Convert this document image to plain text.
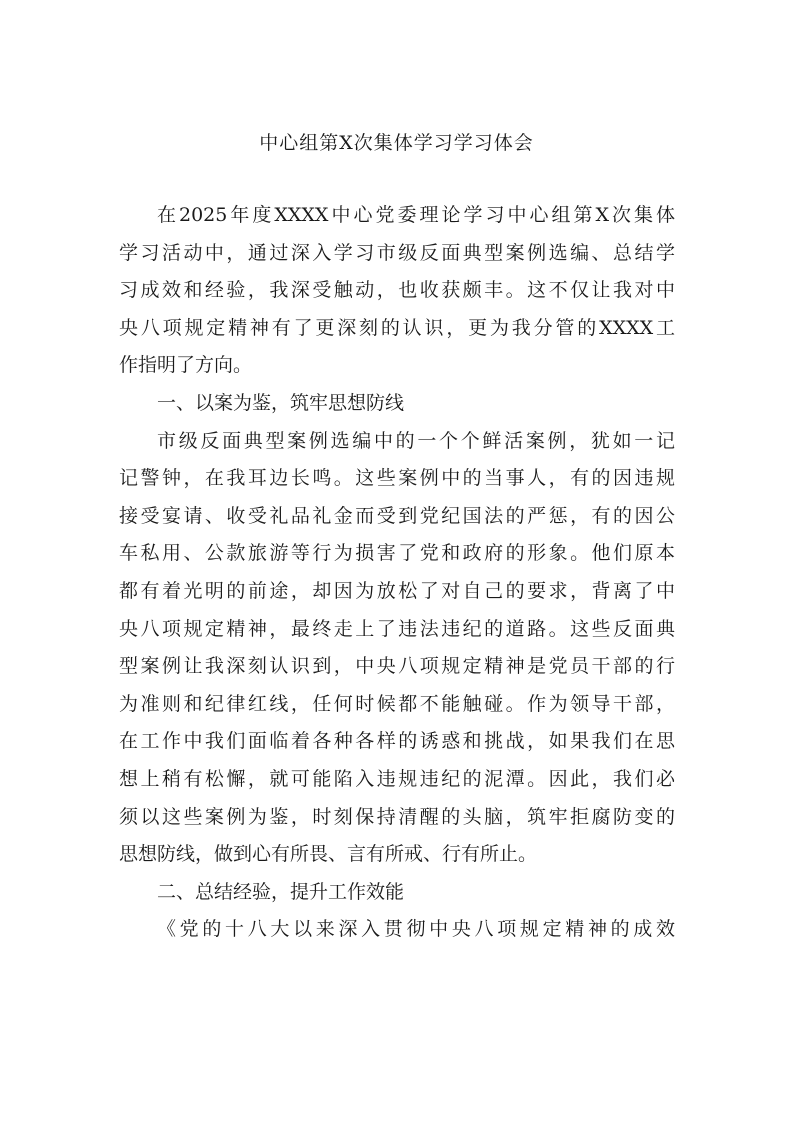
中心组第X次集体学习学习体会
在2025年度XXXX中心党委理论学习中心组第X次集体
学习活动中，通过深入学习市级反面典型案例选编、总结学
习成效和经验，我深受触动，也收获颇丰。这不仅让我对中
央八项规定精神有了更深刻的认识，更为我分管的XXXX工
作指明了方向。
一、以案为鉴，筑牢思想防线
市级反面典型案例选编中的一个个鲜活案例，犹如一记
记警钟，在我耳边长鸣。这些案例中的当事人，有的因违规
接受宴请、收受礼品礼金而受到党纪国法的严惩，有的因公
车私用、公款旅游等行为损害了党和政府的形象。他们原本
都有着光明的前途，却因为放松了对自己的要求，背离了中
央八项规定精神，最终走上了违法违纪的道路。这些反面典
型案例让我深刻认识到，中央八项规定精神是党员干部的行
为准则和纪律红线，任何时候都不能触碰。作为领导干部，
在工作中我们面临着各种各样的诱惑和挑战，如果我们在思
想上稍有松懈，就可能陷入违规违纪的泥潭。因此，我们必
须以这些案例为鉴，时刻保持清醒的头脑，筑牢拒腐防变的
思想防线，做到心有所畏、言有所戒、行有所止。
二、总结经验，提升工作效能
《党的十八大以来深入贯彻中央八项规定精神的成效
